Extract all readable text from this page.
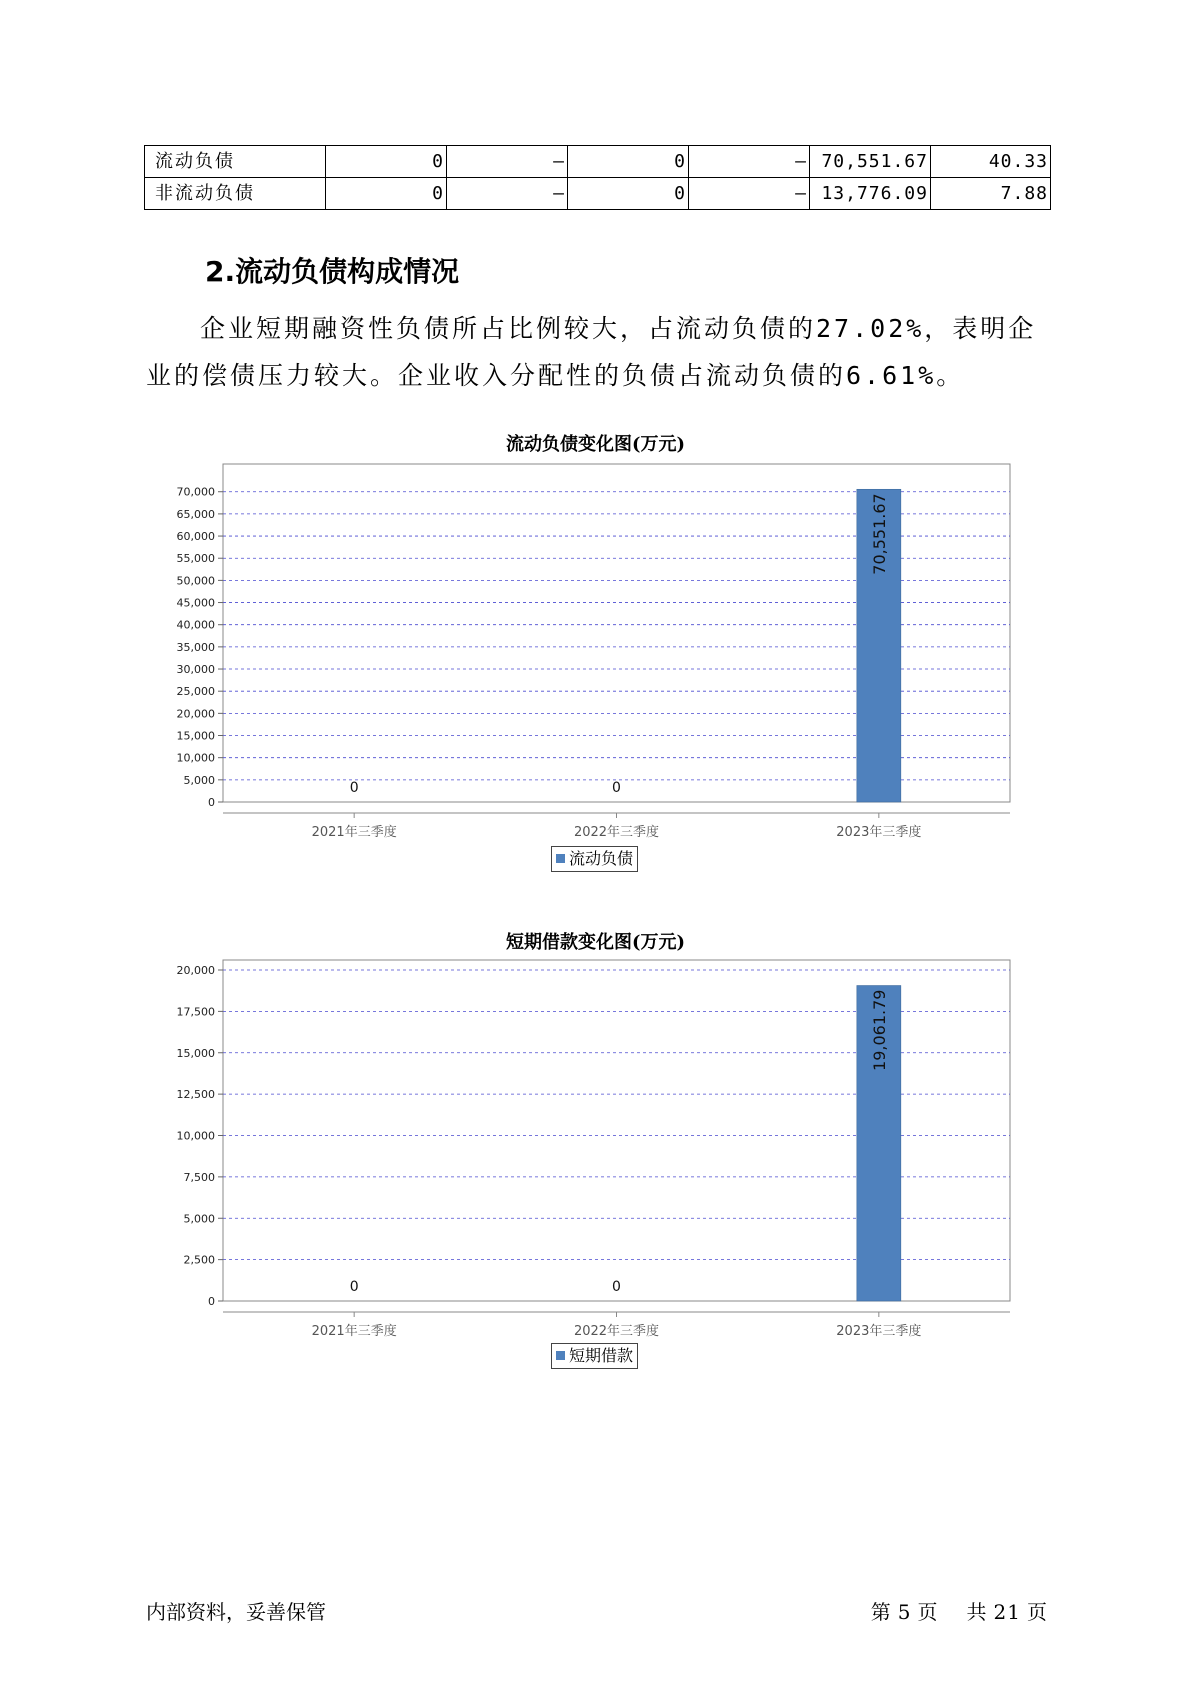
流动负债	0	–	0	–	70,551.67	40.33
非流动负债	0	–	0	–	13,776.09	7.88
2.流动负债构成情况

企业短期融资性负债所占比例较大，占流动负债的27.02%，表明企业的偿债压力较大。企业收入分配性的负债占流动负债的6.61%。

流动负债变化图(万元)
0
5,000
10,000
15,000
20,000
25,000
30,000
35,000
40,000
45,000
50,000
55,000
60,000
65,000
70,000
2021年三季度
0
2022年三季度
0
2023年三季度
70,551.67
流动负债
短期借款变化图(万元)
0
2,500
5,000
7,500
10,000
12,500
15,000
17,500
20,000
2021年三季度
0
2022年三季度
0
2023年三季度
19,061.79
短期借款
内部资料，妥善保管	第 5 页 共 21 页
